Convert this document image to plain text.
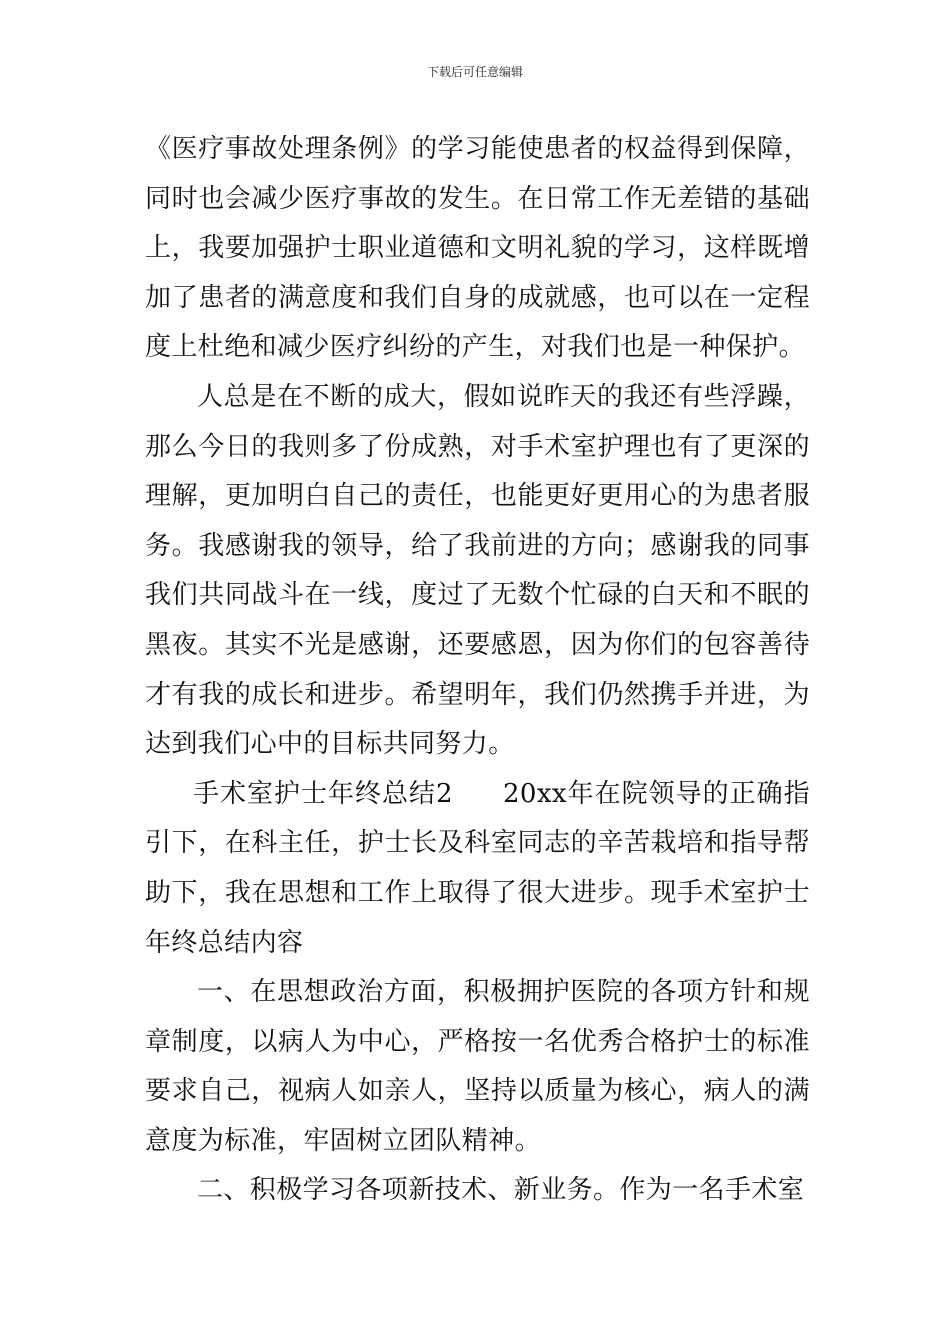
下载后可任意编辑

《医疗事故处理条例》的学习能使患者的权益得到保障，同时也会减少医疗事故的发生。在日常工作无差错的基础上，我要加强护士职业道德和文明礼貌的学习，这样既增加了患者的满意度和我们自身的成就感，也可以在一定程度上杜绝和减少医疗纠纷的产生，对我们也是一种保护。

人总是在不断的成大，假如说昨天的我还有些浮躁，那么今日的我则多了份成熟，对手术室护理也有了更深的理解，更加明白自己的责任，也能更好更用心的为患者服务。我感谢我的领导，给了我前进的方向；感谢我的同事我们共同战斗在一线，度过了无数个忙碌的白天和不眠的黑夜。其实不光是感谢，还要感恩，因为你们的包容善待才有我的成长和进步。希望明年，我们仍然携手并进，为达到我们心中的目标共同努力。

手术室护士年终总结2 20xx年在院领导的正确指引下，在科主任，护士长及科室同志的辛苦栽培和指导帮助下，我在思想和工作上取得了很大进步。现手术室护士年终总结内容

一、在思想政治方面，积极拥护医院的各项方针和规章制度，以病人为中心，严格按一名优秀合格护士的标准要求自己，视病人如亲人，坚持以质量为核心，病人的满意度为标准，牢固树立团队精神。

二、积极学习各项新技术、新业务。作为一名手术室
